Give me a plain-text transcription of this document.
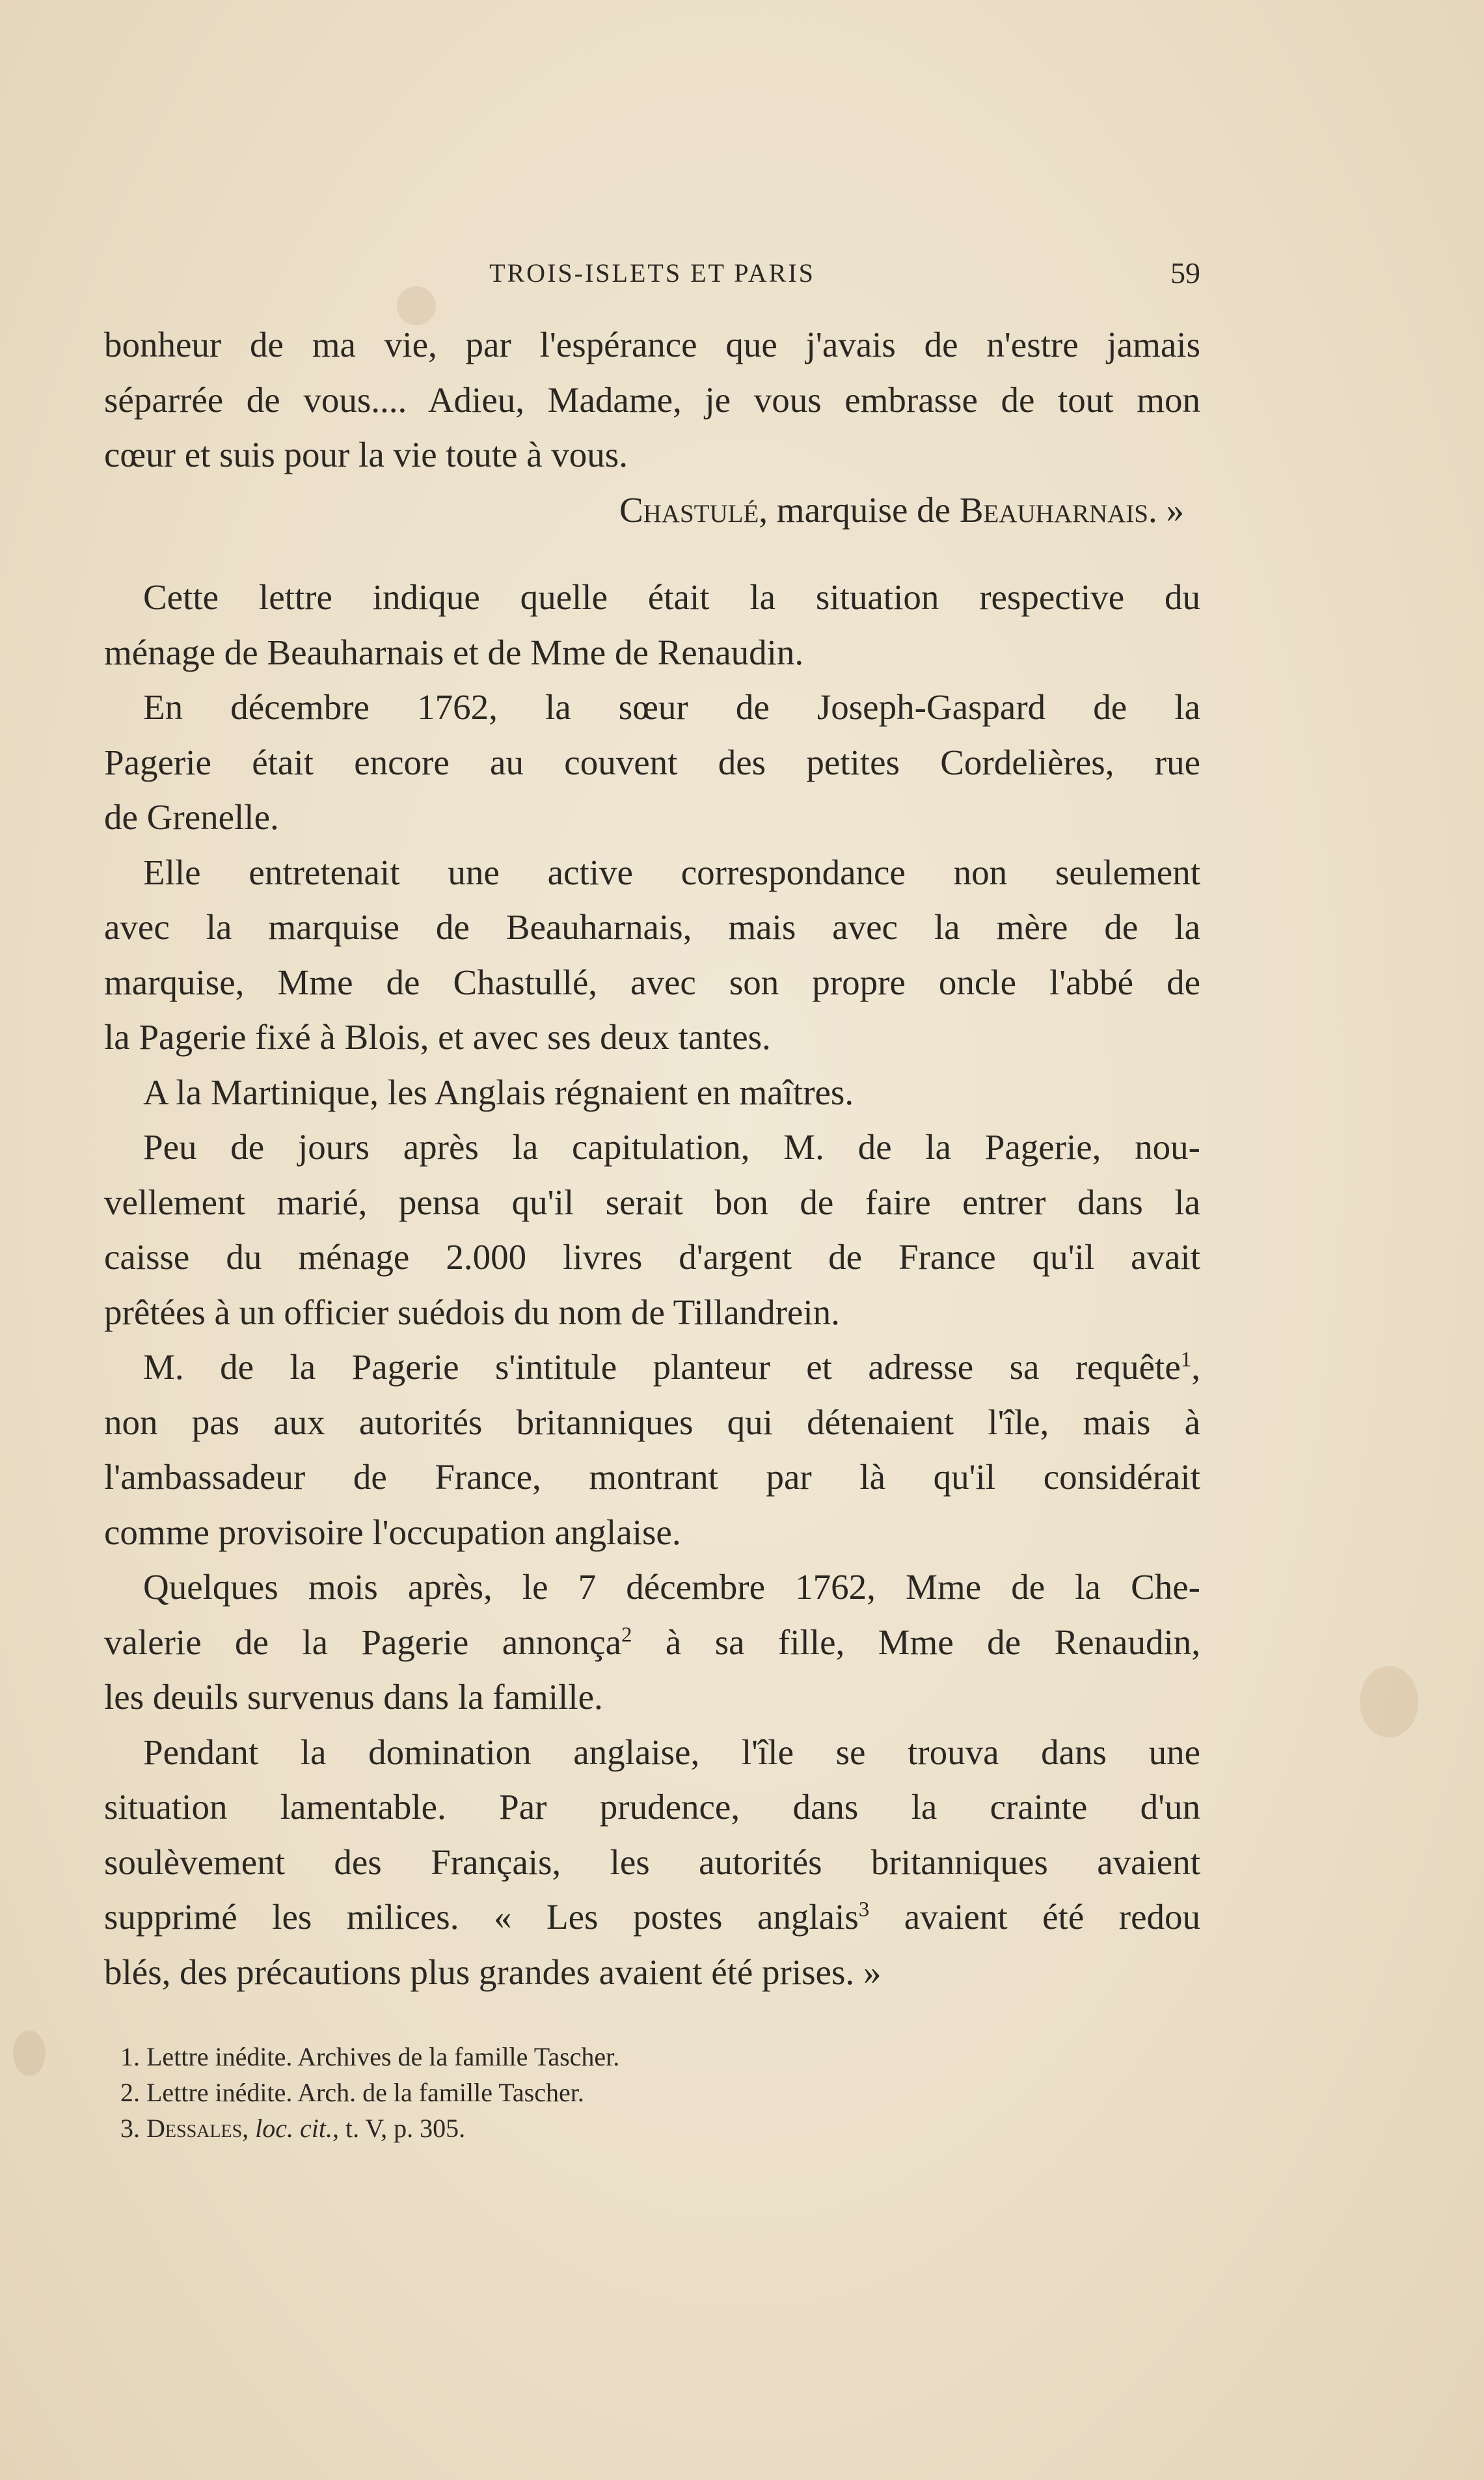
TROIS-ISLETS ET PARIS	59
bonheur de ma vie, par l'espérance que j'avais de n'estre jamais
séparrée de vous.... Adieu, Madame, je vous embrasse de tout mon
cœur et suis pour la vie toute à vous.
Chastulé, marquise de Beauharnais. »
Cette lettre indique quelle était la situation respective du
ménage de Beauharnais et de Mme de Renaudin.
En décembre 1762, la sœur de Joseph-Gaspard de la
Pagerie était encore au couvent des petites Cordelières, rue
de Grenelle.
Elle entretenait une active correspondance non seulement
avec la marquise de Beauharnais, mais avec la mère de la
marquise, Mme de Chastullé, avec son propre oncle l'abbé de
la Pagerie fixé à Blois, et avec ses deux tantes.
A la Martinique, les Anglais régnaient en maîtres.
Peu de jours après la capitulation, M. de la Pagerie, nou-
vellement marié, pensa qu'il serait bon de faire entrer dans la
caisse du ménage 2.000 livres d'argent de France qu'il avait
prêtées à un officier suédois du nom de Tillandrein.
M. de la Pagerie s'intitule planteur et adresse sa requête$^1$,
non pas aux autorités britanniques qui détenaient l'île, mais à
l'ambassadeur de France, montrant par là qu'il considérait
comme provisoire l'occupation anglaise.
Quelques mois après, le 7 décembre 1762, Mme de la Che-
valerie de la Pagerie annonça$^2$ à sa fille, Mme de Renaudin,
les deuils survenus dans la famille.
Pendant la domination anglaise, l'île se trouva dans une
situation lamentable. Par prudence, dans la crainte d'un
soulèvement des Français, les autorités britanniques avaient
supprimé les milices. « Les postes anglais$^3$ avaient été redou
blés, des précautions plus grandes avaient été prises. »
1. Lettre inédite. Archives de la famille Tascher.
2. Lettre inédite. Arch. de la famille Tascher.
3. Dessales, loc. cit., t. V, p. 305.
